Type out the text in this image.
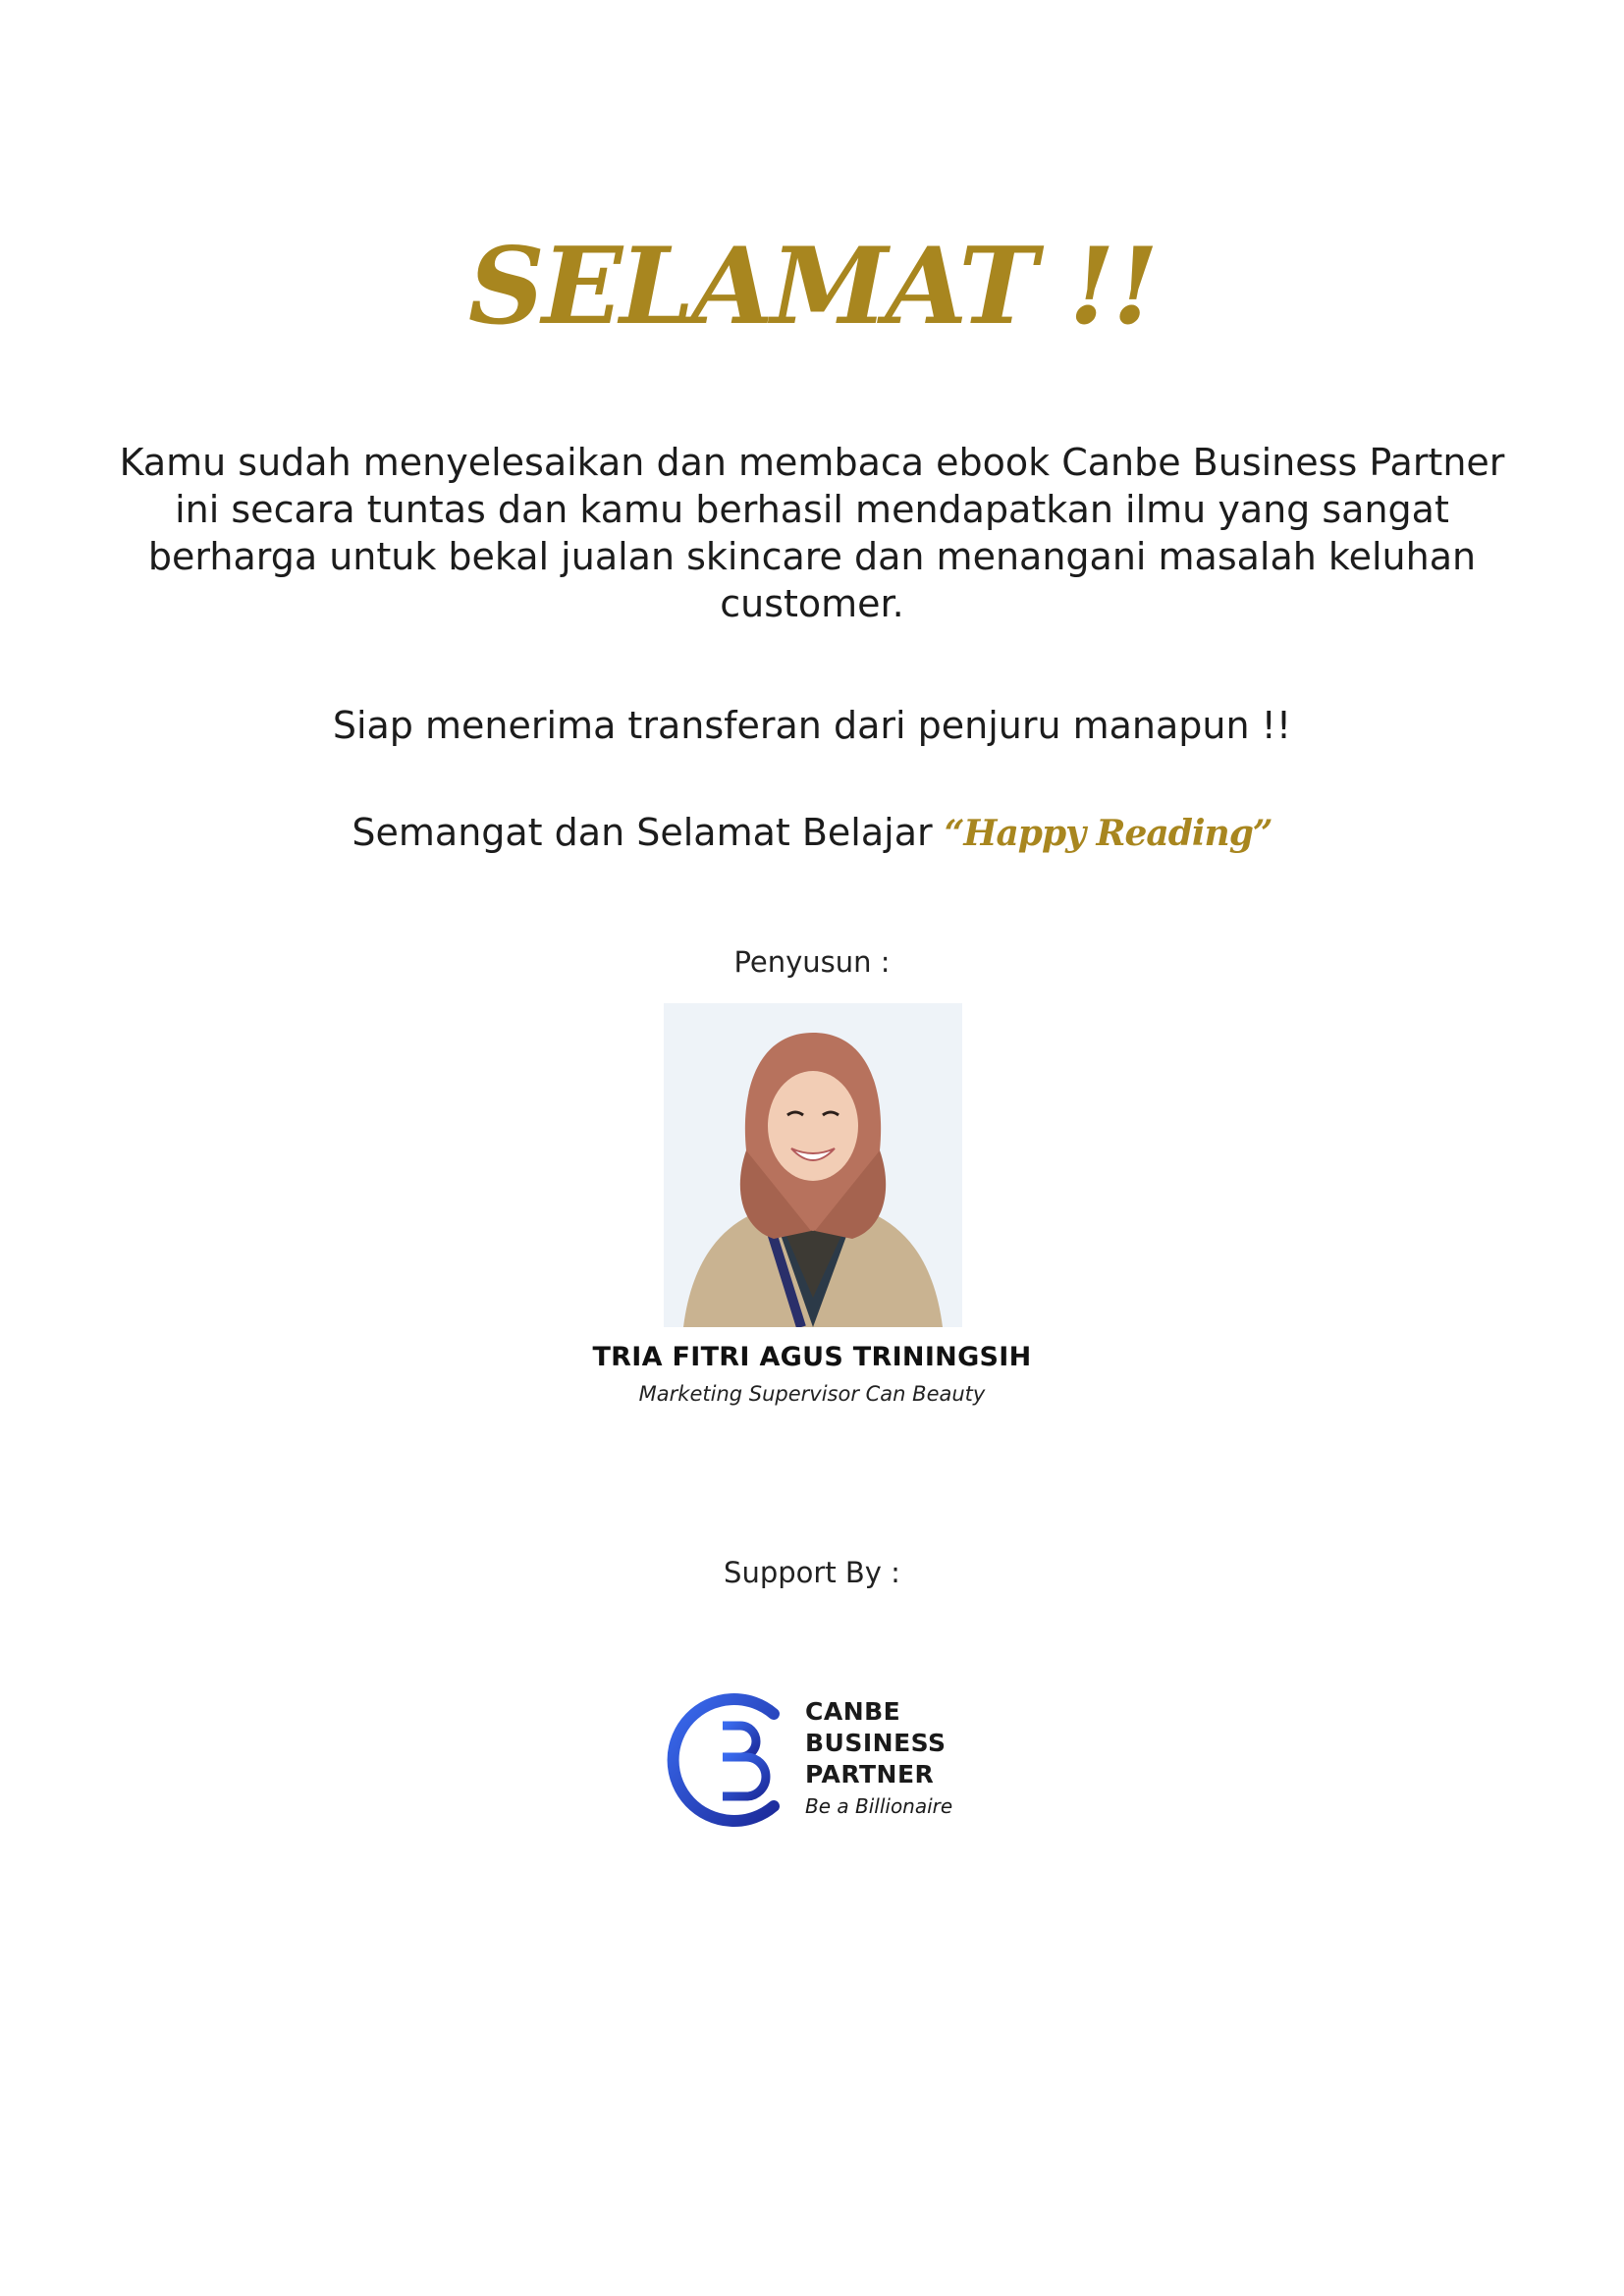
SELAMAT !!
Kamu sudah menyelesaikan dan membaca ebook Canbe Business Partner ini secara tuntas dan kamu berhasil mendapatkan ilmu yang sangat berharga untuk bekal jualan skincare dan menangani masalah keluhan customer.
Siap menerima transferan dari penjuru manapun !!
Semangat dan Selamat Belajar “Happy Reading”
Penyusun :
TRIA FITRI AGUS TRININGSIH
Marketing Supervisor Can Beauty
Support By :
CANBE
BUSINESS
PARTNER
Be a Billionaire
